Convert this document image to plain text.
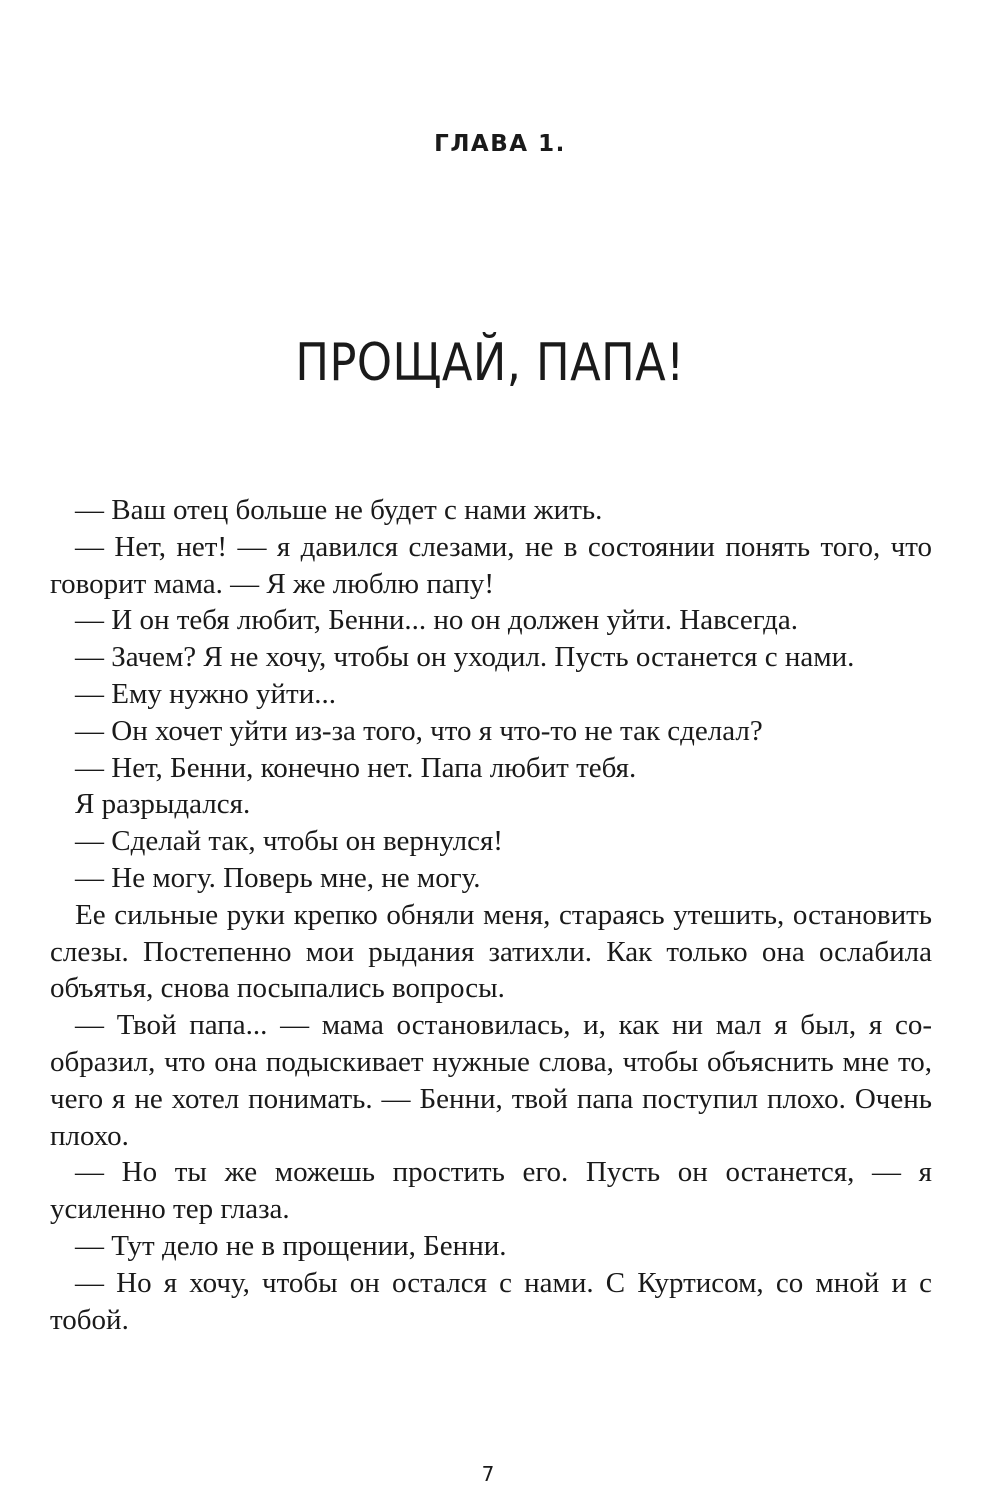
ГЛАВА 1.
ПРОЩАЙ, ПАПА!

— Ваш отец больше не будет с нами жить.

— Нет, нет! — я давился слезами, не в состоянии понять того, что говорит мама. — Я же люблю папу!

— И он тебя любит, Бенни... но он должен уйти. Навсегда.

— Зачем? Я не хочу, чтобы он уходил. Пусть останется с нами.

— Ему нужно уйти...

— Он хочет уйти из-за того, что я что-то не так сделал?

— Нет, Бенни, конечно нет. Папа любит тебя.

Я разрыдался.

— Сделай так, чтобы он вернулся!

— Не могу. Поверь мне, не могу.

Ее сильные руки крепко обняли меня, стараясь утешить, остановить слезы. Постепенно мои рыдания затихли. Как только она ослабила объятья, снова посыпались вопросы.

— Твой папа... — мама остановилась, и, как ни мал я был, я сообразил, что она подыскивает нужные слова, чтобы объяснить мне то, чего я не хотел понимать. — Бенни, твой папа поступил плохо. Очень плохо.

— Но ты же можешь простить его. Пусть он останется, — я усиленно тер глаза.

— Тут дело не в прощении, Бенни.

— Но я хочу, чтобы он остался с нами. С Куртисом, со мной и с тобой.

7
